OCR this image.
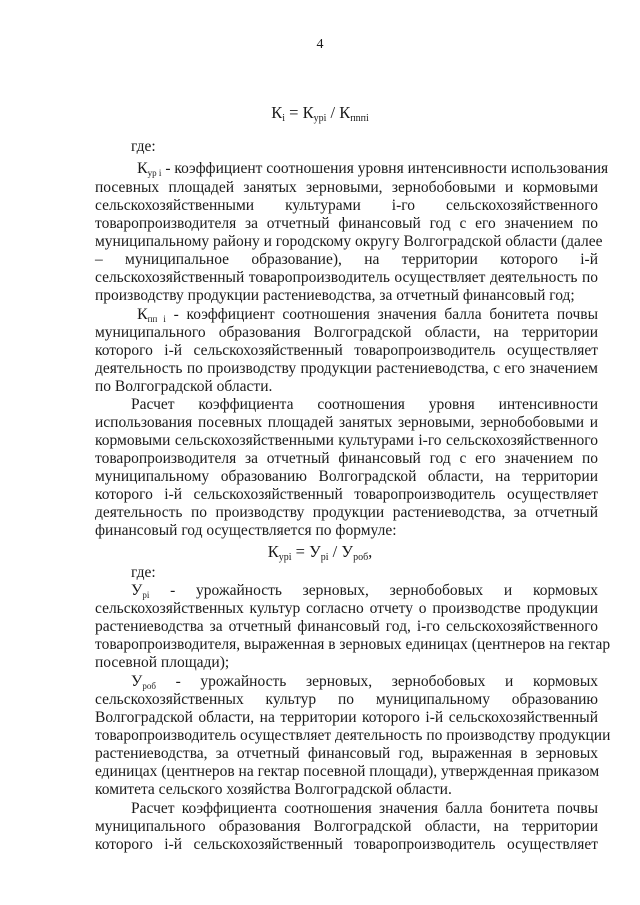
4
$К_i = К_{урi} / К_{пnпi}$
где:
$К_{ур i}$ - коэффициент соотношения уровня интенсивности использования
посевных площадей занятых зерновыми, зернобобовыми и кормовыми
сельскохозяйственными культурами і-го сельскохозяйственного
товаропроизводителя за отчетный финансовый год с его значением по
муниципальному району и городскому округу Волгоградской области (далее
– муниципальное образование), на территории которого і-й
сельскохозяйственный товаропроизводитель осуществляет деятельность по
производству продукции растениеводства, за отчетный финансовый год;
$К_{пп i}$ - коэффициент соотношения значения балла бонитета почвы
муниципального образования Волгоградской области, на территории
которого i-й сельскохозяйственный товаропроизводитель осуществляет
деятельность по производству продукции растениеводства, с его значением
по Волгоградской области.
Расчет коэффициента соотношения уровня интенсивности
использования посевных площадей занятых зерновыми, зернобобовыми и
кормовыми сельскохозяйственными культурами і-го сельскохозяйственного
товаропроизводителя за отчетный финансовый год с его значением по
муниципальному образованию Волгоградской области, на территории
которого і-й сельскохозяйственный товаропроизводитель осуществляет
деятельность по производству продукции растениеводства, за отчетный
финансовый год осуществляется по формуле:
$К_{урi} = У_{рi} / У_{роб}$,
где:
$У_{рi}$ - урожайность зерновых, зернобобовых и кормовых
сельскохозяйственных культур согласно отчету о производстве продукции
растениеводства за отчетный финансовый год, і-го сельскохозяйственного
товаропроизводителя, выраженная в зерновых единицах (центнеров на гектар
посевной площади);
$У_{роб}$ - урожайность зерновых, зернобобовых и кормовых
сельскохозяйственных культур по муниципальному образованию
Волгоградской области, на территории которого і-й сельскохозяйственный
товаропроизводитель осуществляет деятельность по производству продукции
растениеводства, за отчетный финансовый год, выраженная в зерновых
единицах (центнеров на гектар посевной площади), утвержденная приказом
комитета сельского хозяйства Волгоградской области.
Расчет коэффициента соотношения значения балла бонитета почвы
муниципального образования Волгоградской области, на территории
которого і-й сельскохозяйственный товаропроизводитель осуществляет
